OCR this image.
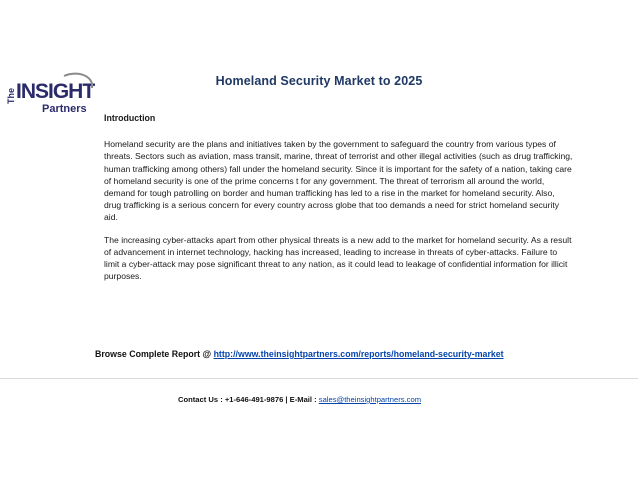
The INSIGHT
Partners
Homeland Security Market to 2025
Introduction

Homeland security are the plans and initiatives taken by the government to safeguard the country from various types of threats. Sectors such as aviation, mass transit, marine, threat of terrorist and other illegal activities (such as drug trafficking, human trafficking among others) fall under the homeland security. Since it is important for the safety of a nation, taking care of homeland security is one of the prime concerns t for any government. The threat of terrorism all around the world, demand for tough patrolling on border and human trafficking has led to a rise in the market for homeland security. Also, drug trafficking is a serious concern for every country across globe that too demands a need for strict homeland security aid.

The increasing cyber-attacks apart from other physical threats is a new add to the market for homeland security. As a result of advancement in internet technology, hacking has increased, leading to increase in threats of cyber-attacks. Failure to limit a cyber-attack may pose significant threat to any nation, as it could lead to leakage of confidential information for illicit purposes.

Browse Complete Report @ http://www.theinsightpartners.com/reports/homeland-security-market
Contact Us : +1-646-491-9876 | E-Mail : sales@theinsightpartners.com
